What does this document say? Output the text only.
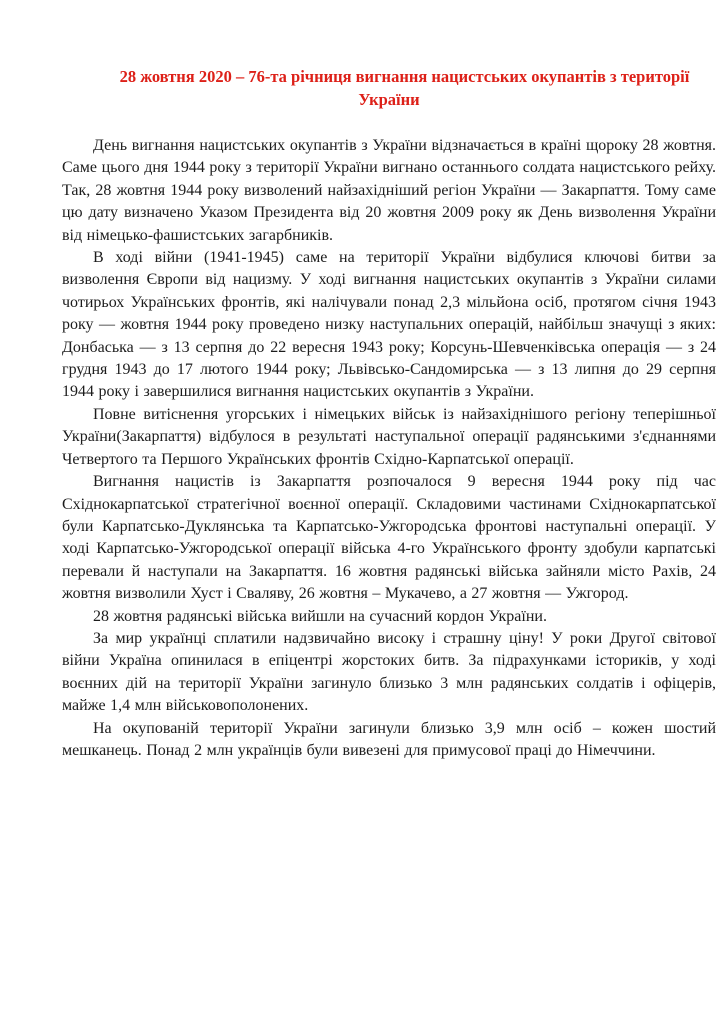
28 жовтня 2020 – 76-та річниця вигнання нацистських окупантів з території України

День вигнання нацистських окупантів з України відзначається в країні щороку 28 жовтня. Саме цього дня 1944 року з території України вигнано останнього солдата нацистського рейху. Так, 28 жовтня 1944 року визволений найзахідніший регіон України — Закарпаття. Тому саме цю дату визначено Указом Президента від 20 жовтня 2009 року як День визволення України від німецько-фашистських загарбників.

В ході війни (1941-1945) саме на території України відбулися ключові битви за визволення Європи від нацизму. У ході вигнання нацистських окупантів з України силами чотирьох Українських фронтів, які налічували понад 2,3 мільйона осіб, протягом січня 1943 року — жовтня 1944 року проведено низку наступальних операцій, найбільш значущі з яких: Донбаська — з 13 серпня до 22 вересня 1943 року; Корсунь-Шевченківська операція — з 24 грудня 1943 до 17 лютого 1944 року; Львівсько-Сандомирська — з 13 липня до 29 серпня 1944 року і завершилися вигнання нацистських окупантів з України.

Повне витіснення угорських і німецьких військ із найзахіднішого регіону теперішньої України(Закарпаття) відбулося в результаті наступальної операції радянськими з'єднаннями Четвертого та Першого Українських фронтів Східно-Карпатської операції.

Вигнання нацистів із Закарпаття розпочалося 9 вересня 1944 року під час Східнокарпатської стратегічної воєнної операції. Складовими частинами Східнокарпатської були Карпатсько-Дуклянська та Карпатсько-Ужгородська фронтові наступальні операції. У ході Карпатсько-Ужгородської операції війська 4-го Українського фронту здобули карпатські перевали й наступали на Закарпаття. 16 жовтня радянські війська зайняли місто Рахів, 24 жовтня визволили Хуст і Сваляву, 26 жовтня – Мукачево, а 27 жовтня — Ужгород.

28 жовтня радянські війська вийшли на сучасний кордон України.

За мир українці сплатили надзвичайно високу і страшну ціну! У роки Другої світової війни Україна опинилася в епіцентрі жорстоких битв. За підрахунками істориків, у ході воєнних дій на території України загинуло близько 3 млн радянських солдатів і офіцерів, майже 1,4 млн військовополонених.

На окупованій території України загинули близько 3,9 млн осіб – кожен шостий мешканець. Понад 2 млн українців були вивезені для примусової праці до Німеччини.
